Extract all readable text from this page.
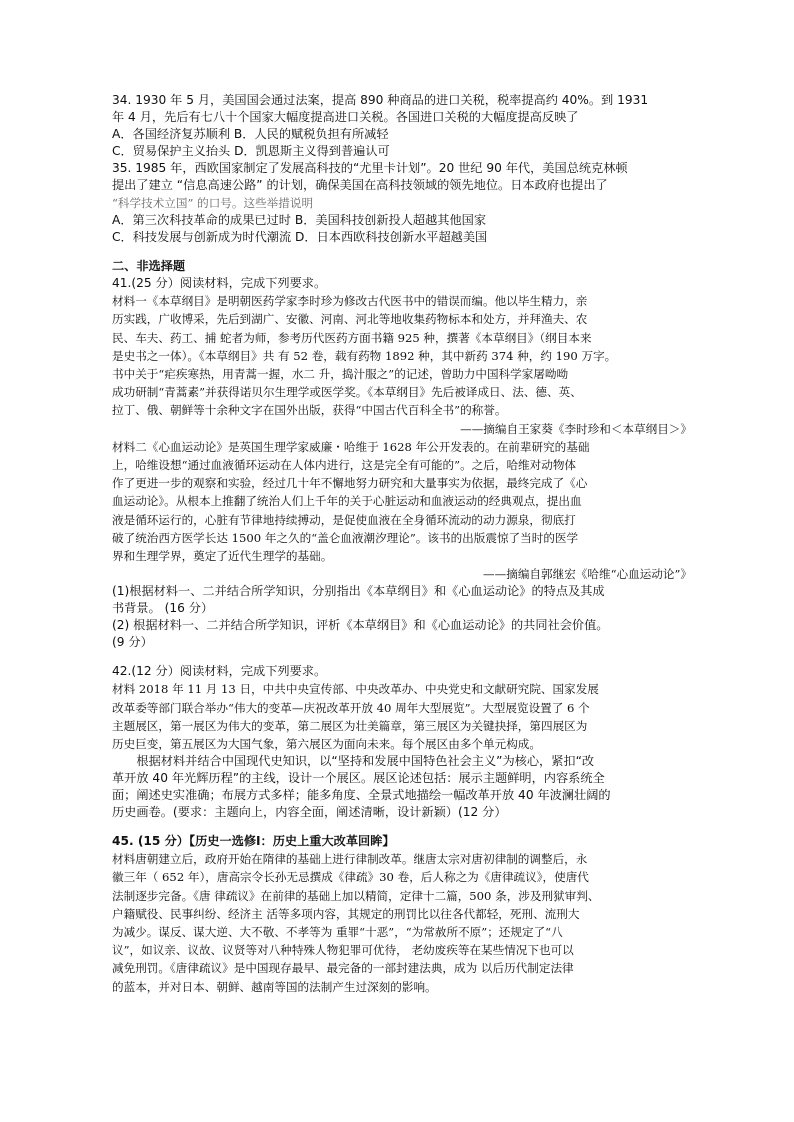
34. 1930 年 5 月，美国国会通过法案，提高 890 种商品的进口关税，税率提高约 40%。到 1931

年 4 月，先后有七八十个国家大幅度提高进口关税。各国进口关税的大幅度提高反映了

A．各国经济复苏顺利 B．人民的赋税负担有所减轻

C．贸易保护主义抬头 D．凯恩斯主义得到普遍认可

35. 1985 年，西欧国家制定了发展高科技的“尤里卡计划”。20 世纪 90 年代，美国总统克林顿

提出了建立 “信息高速公路” 的计划，确保美国在高科技领域的领先地位。日本政府也提出了

“科学技术立国” 的口号。这些举措说明

A．第三次科技革命的成果已过时 B．美国科技创新投人超越其他国家

C．科技发展与创新成为时代潮流 D．日本西欧科技创新水平超越美国

二、非选择题

41.(25 分）阅读材料，完成下列要求。

材料一《本草纲目》是明朝医药学家李时珍为修改古代医书中的错误而编。他以毕生精力，亲

历实践，广收博采，先后到湖广、安徽、河南、河北等地收集药物标本和处方，并拜渔夫、农

民、车夫、药工、捕 蛇者为师，参考历代医药方面书籍 925 种，撰著《本草纲目》（纲目本来

是史书之一体）。《本草纲目》共 有 52 卷，载有药物 1892 种，其中新药 374 种，约 190 万字。

书中关于“疟疾寒热，用青蒿一握，水二 升，捣汁服之”的记述，曾助力中国科学家屠呦呦

成功研制“青蒿素”并获得诺贝尔生理学或医学奖。《本草纲目》先后被译成日、法、德、英、

拉丁、俄、朝鲜等十余种文字在国外出版，获得“中国古代百科全书”的称誉。

——摘编自王家葵《李时珍和＜本草纲目＞》

材料二《心血运动论》是英国生理学家威廉・哈维于 1628 年公开发表的。在前辈研究的基础

上，哈维设想“通过血液循环运动在人体内进行，这是完全有可能的”。之后，哈维对动物体

作了更进一步的观察和实验，经过几十年不懈地努力研究和大量事实为依据，最终完成了《心

血运动论》。从根本上推翻了统治人们上千年的关于心脏运动和血液运动的经典观点，提出血

液是循环运行的，心脏有节律地持续搏动，是促使血液在全身循环流动的动力源泉，彻底打

破了统治西方医学长达 1500 年之久的“盖仑血液潮汐理论”。该书的出版震惊了当时的医学

界和生理学界，奠定了近代生理学的基础。

——摘编自郭继宏《哈维“心血运动论”》

(1)根据材料一、二并结合所学知识，分别指出《本草纲目》和《心血运动论》的特点及其成

书背景。 (16 分）

(2) 根据材料一、二并结合所学知识，评析《本草纲目》和《心血运动论》的共同社会价值。

(9 分）

42.(12 分）阅读材料，完成下列要求。

材料 2018 年 11 月 13 日，中共中央宣传部、中央改革办、中央党史和文献研究院、国家发展

改革委等部门联合举办“伟大的变革—庆祝改革开放 40 周年大型展览”。大型展览设置了 6 个

主题展区，第一展区为伟大的变革，第二展区为壮美篇章，第三展区为关键抉择，第四展区为

历史巨变，第五展区为大国气象，第六展区为面向未来。每个展区由多个单元构成。

根据材料并结合中国现代史知识，以“坚持和发展中国特色社会主义”为核心，紧扣“改

革开放 40 年光辉历程”的主线，设计一个展区。展区论述包括：展示主题鲜明，内容系统全

面；阐述史实准确；布展方式多样；能多角度、全景式地描绘一幅改革开放 40 年波澜壮阔的

历史画卷。(要求：主题向上，内容全面，阐述清晰，设计新颖）(12 分）

45. (15 分）【历史一选修Ⅰ：历史上重大改革回眸】

材料唐朝建立后，政府开始在隋律的基础上进行律制改革。继唐太宗对唐初律制的调整后，永

徽三年（ 652 年），唐高宗令长孙无忌撰成《律疏》30 卷，后人称之为《唐律疏议》，使唐代

法制逐步完备。《唐 律疏议》在前律的基础上加以精简，定律十二篇，500 条，涉及刑狱审判、

户籍赋役、民事纠纷、经济主 活等多项内容，其规定的刑罚比以往各代都轻，死刑、流刑大

为减少。谋反、谋大逆、大不敬、不孝等为 重罪“十恶”，“为常赦所不原”；还规定了“八

议”，如议亲、议故、议贤等对八种特殊人物犯罪可优待， 老幼废疾等在某些情况下也可以

减免刑罚。《唐律疏议》是中国现存最早、最完备的一部封建法典，成为 以后历代制定法律

的蓝本，并对日本、朝鲜、越南等国的法制产生过深刻的影响。
